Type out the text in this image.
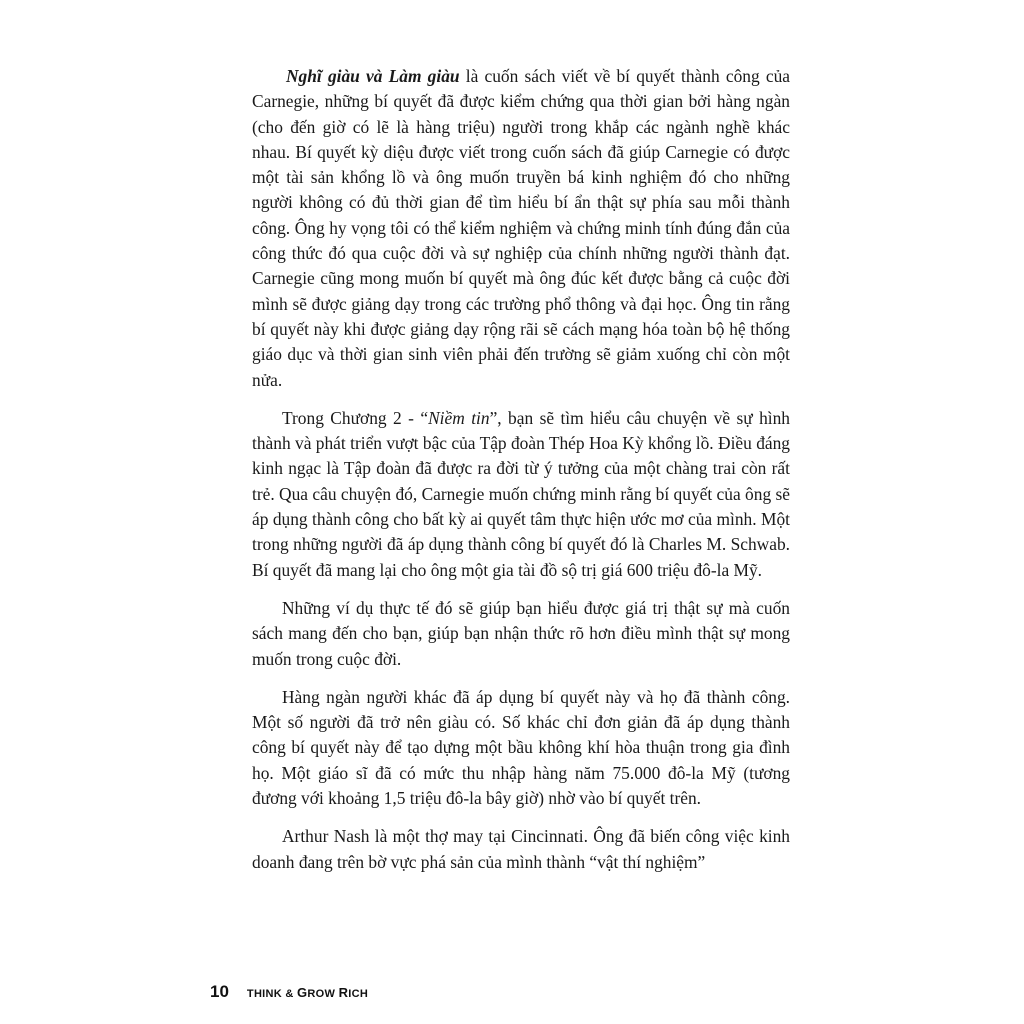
Nghĩ giàu và Làm giàu là cuốn sách viết về bí quyết thành công của Carnegie, những bí quyết đã được kiểm chứng qua thời gian bởi hàng ngàn (cho đến giờ có lẽ là hàng triệu) người trong khắp các ngành nghề khác nhau. Bí quyết kỳ diệu được viết trong cuốn sách đã giúp Carnegie có được một tài sản khổng lồ và ông muốn truyền bá kinh nghiệm đó cho những người không có đủ thời gian để tìm hiểu bí ẩn thật sự phía sau mỗi thành công. Ông hy vọng tôi có thể kiểm nghiệm và chứng minh tính đúng đắn của công thức đó qua cuộc đời và sự nghiệp của chính những người thành đạt. Carnegie cũng mong muốn bí quyết mà ông đúc kết được bằng cả cuộc đời mình sẽ được giảng dạy trong các trường phổ thông và đại học. Ông tin rằng bí quyết này khi được giảng dạy rộng rãi sẽ cách mạng hóa toàn bộ hệ thống giáo dục và thời gian sinh viên phải đến trường sẽ giảm xuống chỉ còn một nửa.

Trong Chương 2 - “Niềm tin”, bạn sẽ tìm hiểu câu chuyện về sự hình thành và phát triển vượt bậc của Tập đoàn Thép Hoa Kỳ khổng lồ. Điều đáng kinh ngạc là Tập đoàn đã được ra đời từ ý tưởng của một chàng trai còn rất trẻ. Qua câu chuyện đó, Carnegie muốn chứng minh rằng bí quyết của ông sẽ áp dụng thành công cho bất kỳ ai quyết tâm thực hiện ước mơ của mình. Một trong những người đã áp dụng thành công bí quyết đó là Charles M. Schwab. Bí quyết đã mang lại cho ông một gia tài đồ sộ trị giá 600 triệu đô-la Mỹ.

Những ví dụ thực tế đó sẽ giúp bạn hiểu được giá trị thật sự mà cuốn sách mang đến cho bạn, giúp bạn nhận thức rõ hơn điều mình thật sự mong muốn trong cuộc đời.

Hàng ngàn người khác đã áp dụng bí quyết này và họ đã thành công. Một số người đã trở nên giàu có. Số khác chỉ đơn giản đã áp dụng thành công bí quyết này để tạo dựng một bầu không khí hòa thuận trong gia đình họ. Một giáo sĩ đã có mức thu nhập hàng năm 75.000 đô-la Mỹ (tương đương với khoảng 1,5 triệu đô-la bây giờ) nhờ vào bí quyết trên.

Arthur Nash là một thợ may tại Cincinnati. Ông đã biến công việc kinh doanh đang trên bờ vực phá sản của mình thành “vật thí nghiệm”

10 THINK & GROW RICH
